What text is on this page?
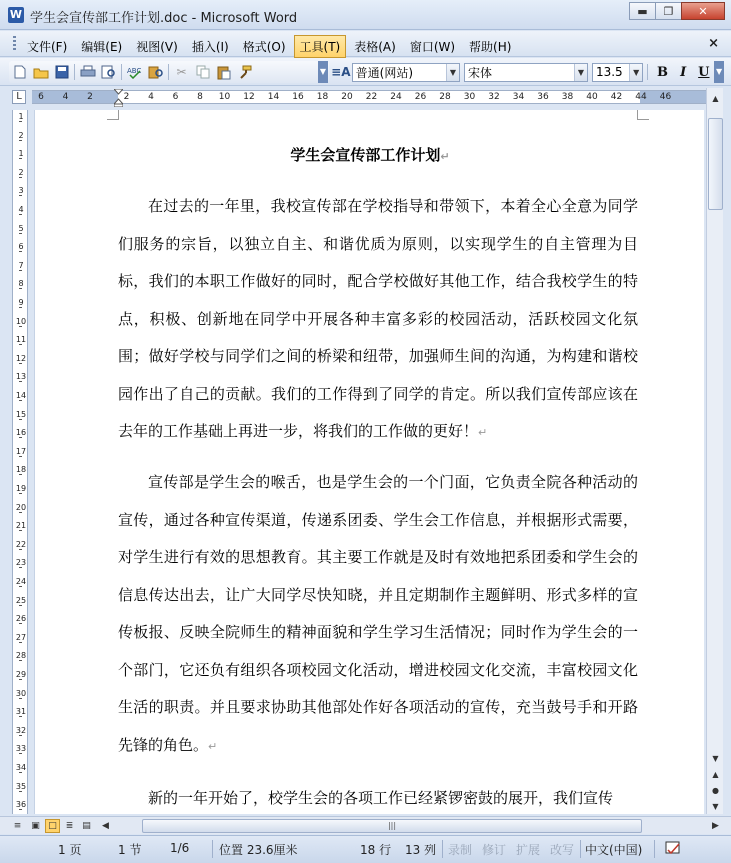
W 学生会宣传部工作计划.doc - Microsoft Word	▬	❐	✕
文件(F)	编辑(E)	视图(V)	插入(I)	格式(O)	工具(T)	表格(A)	窗口(W)	帮助(H)	×
ABC	✂	▼ ≡A 普通(网站)	▼ 宋体	▼ 13.5	▼	B I U ▼
L	6 4 2	2 4 6 8 10 12 14 16 18 20 22 24 26 28 30 32 34 36 38 40 42 44 46
1
2
1
2
3
4
5
6
7
8
9
10
11
12
13
14
15
16
17
18
19
20
21
22
23
24
25
26
27
28
29
30
31
32
33
34
35
36
学生会宣传部工作计划↵
在过去的一年里，我校宣传部在学校指导和带领下，本着全心全意为同学们服务的宗旨，以独立自主、和谐优质为原则，以实现学生的自主管理为目标，我们的本职工作做好的同时，配合学校做好其他工作，结合我校学生的特点，积极、创新地在同学中开展各种丰富多彩的校园活动，活跃校园文化氛围；做好学校与同学们之间的桥梁和纽带，加强师生间的沟通，为构建和谐校园作出了自己的贡献。我们的工作得到了同学的肯定。所以我们宣传部应该在去年的工作基础上再进一步，将我们的工作做的更好！↵
宣传部是学生会的喉舌，也是学生会的一个门面，它负责全院各种活动的宣传，通过各种宣传渠道，传递系团委、学生会工作信息，并根据形式需要，对学生进行有效的思想教育。其主要工作就是及时有效地把系团委和学生会的信息传达出去，让广大同学尽快知晓，并且定期制作主题鲜明、形式多样的宣传板报、反映全院师生的精神面貌和学生学习生活情况；同时作为学生会的一个部门，它还负有组织各项校园文化活动，增进校园文化交流，丰富校园文化生活的职责。并且要求协助其他部处作好各项活动的宣传，充当鼓号手和开路先锋的角色。↵
新的一年开始了，校学生会的各项工作已经紧锣密鼓的展开，我们宣传
▲
▼
▲
●
▼
≡	▣ □ ≣ ▤	◀	|||	▶
1 页	1 节 1/6 位置 23.6厘米	18 行 13 列 录制 修订 扩展 改写 中文(中国)
